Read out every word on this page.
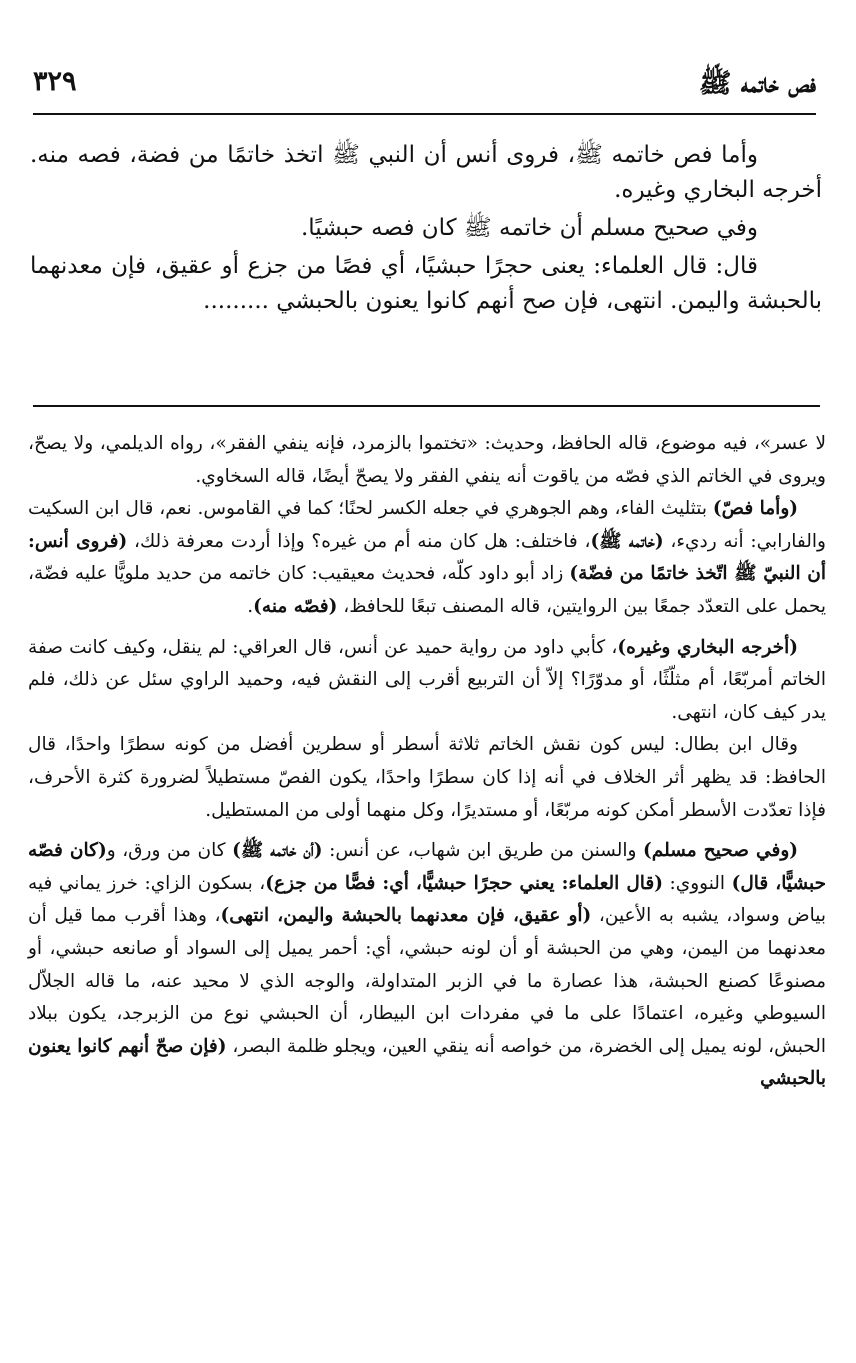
فص خاتمه ﷺ
٣٢٩

وأما فص خاتمه ﷺ، فروى أنس أن النبي ﷺ اتخذ خاتمًا من فضة، فصه منه. أخرجه البخاري وغيره.

وفي صحيح مسلم أن خاتمه ﷺ كان فصه حبشيًا.

قال: قال العلماء: يعنى حجرًا حبشيًا، أي فصًا من جزع أو عقيق، فإن معدنهما بالحبشة واليمن. انتهى، فإن صح أنهم كانوا يعنون بالحبشي .........

لا عسر»، فيه موضوع، قاله الحافظ، وحديث: «تختموا بالزمرد، فإنه ينفي الفقر»، رواه الديلمي، ولا يصحّ، ويروى في الخاتم الذي فصّه من ياقوت أنه ينفي الفقر ولا يصحّ أيضًا، قاله السخاوي.

(وأما فصّ) بتثليث الفاء، وهم الجوهري في جعله الكسر لحنًا؛ كما في القاموس. نعم، قال ابن السكيت والفارابي: أنه رديء، (خاتمه ﷺ)، فاختلف: هل كان منه أم من غيره؟ وإذا أردت معرفة ذلك، (فروى أنس: أن النبيّ ﷺ اتّخذ خاتمًا من فضّة) زاد أبو داود كلّه، فحديث معيقيب: كان خاتمه من حديد ملويًّا عليه فضّة، يحمل على التعدّد جمعًا بين الروايتين، قاله المصنف تبعًا للحافظ، (فصّه منه).

(أخرجه البخاري وغيره)، كأبي داود من رواية حميد عن أنس، قال العراقي: لم ينقل، وكيف كانت صفة الخاتم أمربّعًا، أم مثلّثًا، أو مدوّرًا؟ إلاّ أن التربيع أقرب إلى النقش فيه، وحميد الراوي سئل عن ذلك، فلم يدر كيف كان، انتهى.

وقال ابن بطال: ليس كون نقش الخاتم ثلاثة أسطر أو سطرين أفضل من كونه سطرًا واحدًا، قال الحافظ: قد يظهر أثر الخلاف في أنه إذا كان سطرًا واحدًا، يكون الفصّ مستطيلاً لضرورة كثرة الأحرف، فإذا تعدّدت الأسطر أمكن كونه مربّعًا، أو مستديرًا، وكل منهما أولى من المستطيل.

(وفي صحيح مسلم) والسنن من طريق ابن شهاب، عن أنس: (أن خاتمه ﷺ) كان من ورق، و(كان فصّه حبشيًّا، قال) النووي: (قال العلماء: يعني حجرًا حبشيًّا، أي: فصًّا من جزع)، بسكون الزاي: خرز يماني فيه بياض وسواد، يشبه به الأعين، (أو عقيق، فإن معدنهما بالحبشة واليمن، انتهى)، وهذا أقرب مما قيل أن معدنهما من اليمن، وهي من الحبشة أو أن لونه حبشي، أي: أحمر يميل إلى السواد أو صانعه حبشي، أو مصنوعًا كصنع الحبشة، هذا عصارة ما في الزبر المتداولة، والوجه الذي لا محيد عنه، ما قاله الجلاّل السيوطي وغيره، اعتمادًا على ما في مفردات ابن البيطار، أن الحبشي نوع من الزبرجد، يكون ببلاد الحبش، لونه يميل إلى الخضرة، من خواصه أنه ينقي العين، ويجلو ظلمة البصر، (فإن صحّ أنهم كانوا يعنون بالحبشي
